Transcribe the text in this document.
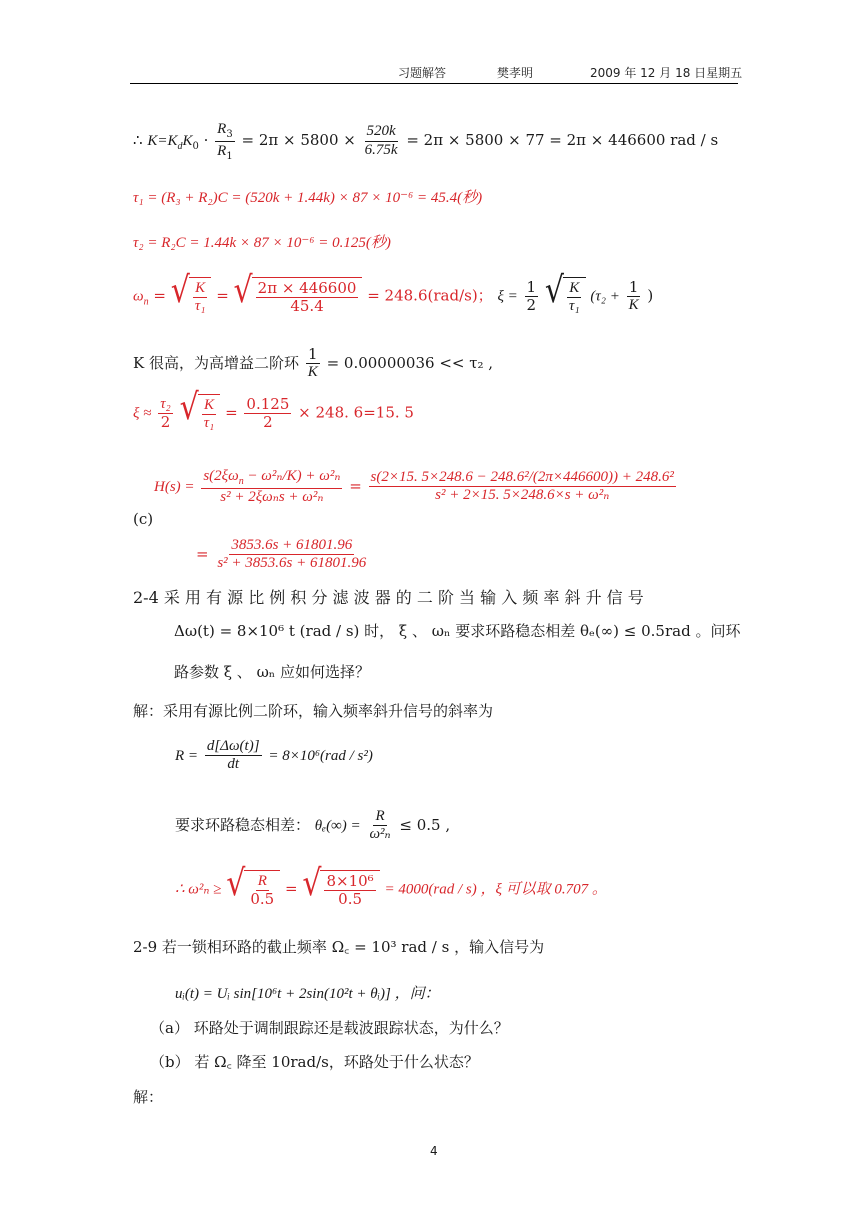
习题解答	樊孝明	2009 年 12 月 18 日星期五
∴ $K=K_dK_0 \cdot \frac{R_3}{R_1} = 2\pi \times 5800 \times \frac{520k}{6.75k} = 2\pi \times 5800 \times 77 = 2\pi \times 446600$ rad / s
τ₁ = (R₃ + R₂)C = (520k + 1.44k) × 87 × 10⁻⁶ = 45.4(秒)
τ₂ = R₂C = 1.44k × 87 × 10⁻⁶ = 0.125(秒)
$\omega_n$ = √ $\frac{K}{\text{τ₁}}$ = √ $\frac{2\pi \times 446600}{45.4} = 248.6(rad/s)$； $\xi = \frac{1}{2}$
√ $\frac{K}{\text{τ₁}} (\tau_2 + \frac{1}{K}$ )
K 很高，为高增益二阶环 $\frac{1}{K} = 0.00000036 << \tau_2$ ,
$\xi \approx \frac{\text{τ₂}}{2}$
√ $\frac{K}{\text{τ₁}} = \frac{0.125}{2} \times 248$. 6=15. 5
(c)
$H(s) = \frac{s(2\xi\omega_n - \omega^2_n/K) + \omega^2_n}{\text{s² + 2ξωₙs + ω²ₙ}} = \frac{\text{s(2×15. 5×248.6 − 248.6²/(2π×446600)) + 248.6²}}{\text{s² + 2×15. 5×248.6×s + ω²ₙ}}$
= $\frac{3853.6s + 61801.96}{\text{s² + 3853.6s + 61801.96}}$
2-4 采 用 有 源 比 例 积 分 滤 波 器 的 二 阶 当 输 入 频 率 斜 升 信 号
Δω(t) = 8×10⁶ t (rad / s) 时， ξ 、 ωₙ 要求环路稳态相差 θₑ(∞) ≤ 0.5rad 。问环
路参数 ξ 、 ωₙ 应如何选择？
解：采用有源比例二阶环，输入频率斜升信号的斜率为
$R = \frac{d[\Delta\omega(t)]}{dt} = 8\times 10^6(rad / s^2)$
要求环路稳态相差： $\theta_e(\infty) = \frac{R}{\text{ω²ₙ}} \le 0.5$ ,
∴ ω²ₙ ≥ √ $\frac{R}{0.5}$ = √ $\frac{\text{8×10⁶}}{0.5} = 4000(rad / s)$ ，ξ 可以取 0.707 。
2-9 若一锁相环路的截止频率 Ω꜀ = 10³ rad / s ，输入信号为
uᵢ(t) = Uᵢ sin[10⁶t + 2sin(10²t + θᵢ)] ，问：
（a） 环路处于调制跟踪还是载波跟踪状态，为什么？
（b） 若 Ω꜀ 降至 10rad/s，环路处于什么状态？
解：
4
